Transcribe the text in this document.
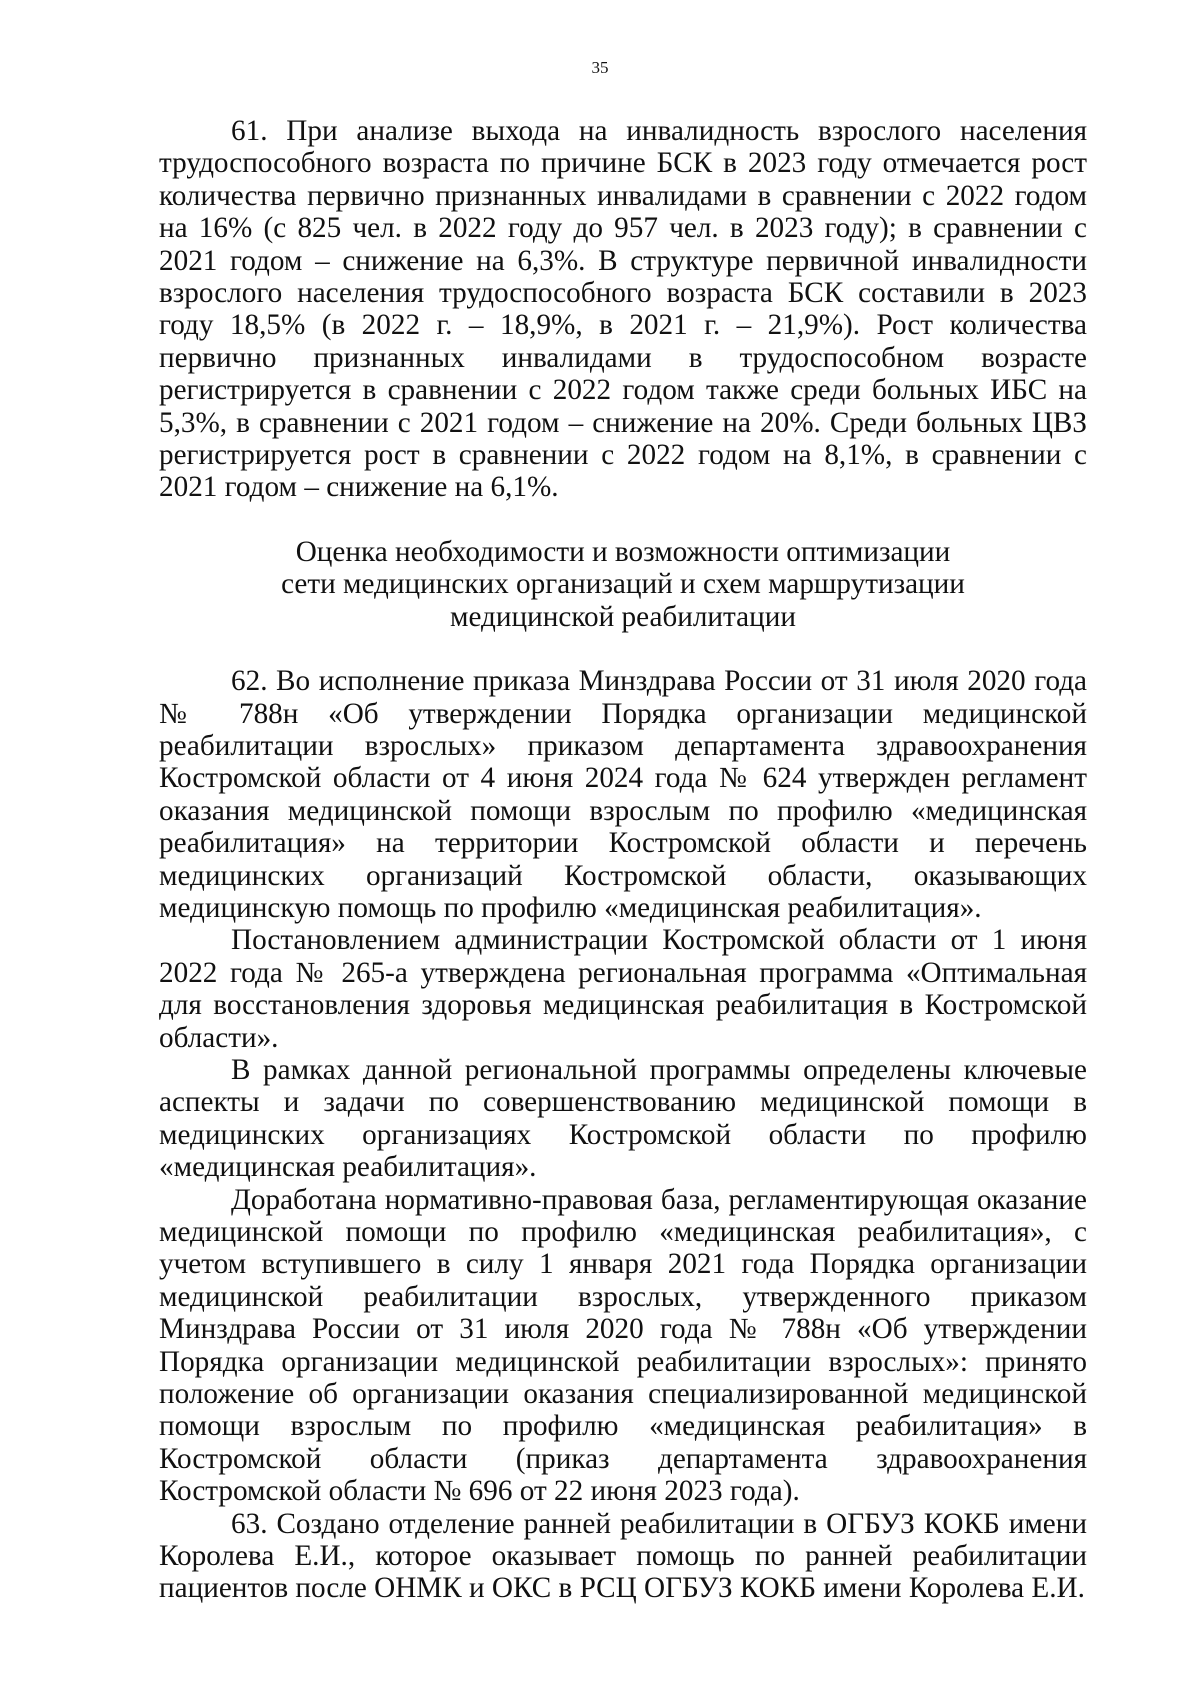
35

61. При анализе выхода на инвалидность взрослого населения трудоспособного возраста по причине БСК в 2023 году отмечается рост количества первично признанных инвалидами в сравнении с 2022 годом на 16% (с 825 чел. в 2022 году до 957 чел. в 2023 году); в сравнении с 2021 годом – снижение на 6,3%. В структуре первичной инвалидности взрослого населения трудоспособного возраста БСК составили в 2023 году 18,5% (в 2022 г. – 18,9%, в 2021 г. – 21,9%). Рост количества первично признанных инвалидами в трудоспособном возрасте регистрируется в сравнении с 2022 годом также среди больных ИБС на 5,3%, в сравнении с 2021 годом – снижение на 20%. Среди больных ЦВЗ регистрируется рост в сравнении с 2022 годом на 8,1%, в сравнении с 2021 годом – снижение на 6,1%.

Оценка необходимости и возможности оптимизации
сети медицинских организаций и схем маршрутизации
медицинской реабилитации

62. Во исполнение приказа Минздрава России от 31 июля 2020 года № 788н «Об утверждении Порядка организации медицинской реабилитации взрослых» приказом департамента здравоохранения Костромской области от 4 июня 2024 года № 624 утвержден регламент оказания медицинской помощи взрослым по профилю «медицинская реабилитация» на территории Костромской области и перечень медицинских организаций Костромской области, оказывающих медицинскую помощь по профилю «медицинская реабилитация».

Постановлением администрации Костромской области от 1 июня 2022 года № 265-а утверждена региональная программа «Оптимальная для восстановления здоровья медицинская реабилитация в Костромской области».

В рамках данной региональной программы определены ключевые аспекты и задачи по совершенствованию медицинской помощи в медицинских организациях Костромской области по профилю «медицинская реабилитация».

Доработана нормативно-правовая база, регламентирующая оказание медицинской помощи по профилю «медицинская реабилитация», с учетом вступившего в силу 1 января 2021 года Порядка организации медицинской реабилитации взрослых, утвержденного приказом Минздрава России от 31 июля 2020 года № 788н «Об утверждении Порядка организации медицинской реабилитации взрослых»: принято положение об организации оказания специализированной медицинской помощи взрослым по профилю «медицинская реабилитация» в Костромской области (приказ департамента здравоохранения Костромской области № 696 от 22 июня 2023 года).

63. Создано отделение ранней реабилитации в ОГБУЗ КОКБ имени Королева Е.И., которое оказывает помощь по ранней реабилитации пациентов после ОНМК и ОКС в РСЦ ОГБУЗ КОКБ имени Королева Е.И.
